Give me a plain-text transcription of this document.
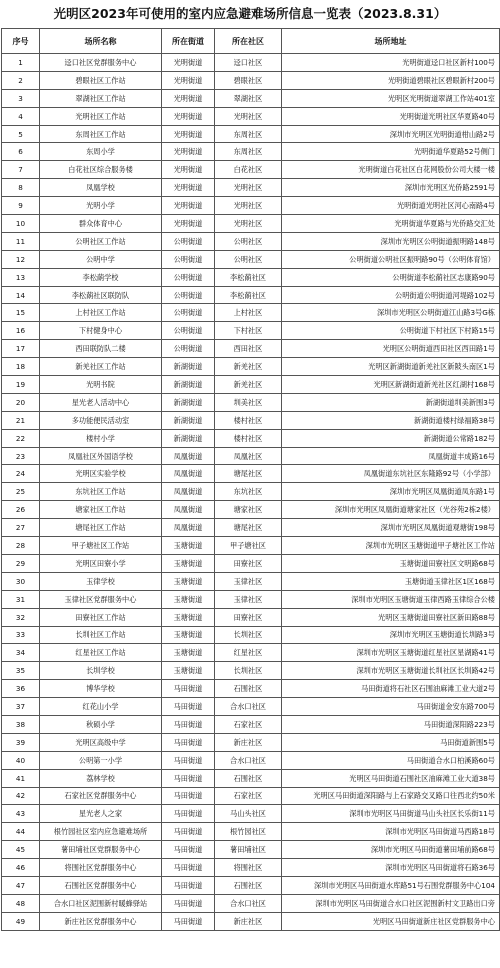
光明区2023年可使用的室内应急避难场所信息一览表（2023.8.31）
序号	场所名称	所在街道	所在社区	场所地址
1	迳口社区党群服务中心	光明街道	迳口社区	光明街道迳口社区新村100号
2	碧眼社区工作站	光明街道	碧眼社区	光明街道碧眼社区碧眼新村200号
3	翠湖社区工作站	光明街道	翠湖社区	光明区光明街道翠湖工作站401室
4	光明社区工作站	光明街道	光明社区	光明街道光明社区华夏路40号
5	东周社区工作站	光明街道	东周社区	深圳市光明区光明街道柑山路2号
6	东周小学	光明街道	东周社区	光明街道华夏路52号侧门
7	白花社区综合服务楼	光明街道	白花社区	光明街道白花社区白花网股份公司大楼一楼
8	凤凰学校	光明街道	光明社区	深圳市光明区光侨路2591号
9	光明小学	光明街道	光明社区	光明街道光明社区河心南路4号
10	群众体育中心	光明街道	光明社区	光明街道华夏路与光侨路交汇处
11	公明社区工作站	公明街道	公明社区	深圳市光明区公明街道振明路148号
12	公明中学	公明街道	公明社区	公明街道公明社区振明路90号（公明体育馆）
13	李松蓢学校	公明街道	李松蓢社区	公明街道李松蓢社区志康路90号
14	李松蓢社区联防队	公明街道	李松蓢社区	公明街道公明街道河堤路102号
15	上村社区工作站	公明街道	上村社区	深圳市光明区公明街道江山路3号G栋
16	下村健身中心	公明街道	下村社区	公明街道下村社区下村路15号
17	西田联防队二楼	公明街道	西田社区	光明区公明街道西田社区西田路1号
18	新羌社区工作站	新湖街道	新羌社区	光明区新湖街道新羌社区新陂头南区1号
19	光明书院	新湖街道	新羌社区	光明区新湖街道新羌社区红湖村168号
20	星光老人活动中心	新湖街道	圳美社区	新湖街道圳美新围3号
21	多功能便民活动室	新湖街道	楼村社区	新湖街道楼村绿福路38号
22	楼村小学	新湖街道	楼村社区	新湖街道公常路182号
23	凤凰社区外国语学校	凤凰街道	凤凰社区	凤凰街道丰成路16号
24	光明区实验学校	凤凰街道	塘尾社区	凤凰街道东坑社区东隆路92号（小学部）
25	东坑社区工作站	凤凰街道	东坑社区	深圳市光明区凤凰街道凤东路1号
26	塘家社区工作站	凤凰街道	塘家社区	深圳市光明区凤凰街道塘家社区（光谷苑2栋2楼）
27	塘尾社区工作站	凤凰街道	塘尾社区	深圳市光明区凤凰街道观塘街198号
28	甲子塘社区工作站	玉塘街道	甲子塘社区	深圳市光明区玉塘街道甲子塘社区工作站
29	光明区田寮小学	玉塘街道	田寮社区	玉塘街道田寮社区文明路68号
30	玉律学校	玉塘街道	玉律社区	玉塘街道玉律社区1区168号
31	玉律社区党群服务中心	玉塘街道	玉律社区	深圳市光明区玉塘街道玉律西路玉律综合公楼
32	田寮社区工作站	玉塘街道	田寮社区	光明区玉塘街道田寮社区新田路88号
33	长圳社区工作站	玉塘街道	长圳社区	深圳市光明区玉塘街道长圳路3号
34	红星社区工作站	玉塘街道	红星社区	深圳市光明区玉塘街道红星社区星湖路41号
35	长圳学校	玉塘街道	长圳社区	深圳市光明区玉塘街道长圳社区长圳路42号
36	博华学校	马田街道	石围社区	马田街道将石社区石围油麻滩工业大道2号
37	红花山小学	马田街道	合水口社区	马田街道金安东路700号
38	秋硕小学	马田街道	石家社区	马田街道深阳路223号
39	光明区高级中学	马田街道	新庄社区	马田街道新围5号
40	公明第一小学	马田街道	合水口社区	马田街道合水口柏溪路60号
41	荔林学校	马田街道	石围社区	光明区马田街道石围社区油麻滩工业大道38号
42	石家社区党群服务中心	马田街道	石家社区	光明区马田街道深阳路与上石家路交叉路口往西北约50米
43	星光老人之家	马田街道	马山头社区	深圳市光明区马田街道马山头社区长乐街11号
44	根竹园社区室内应急避难场所	马田街道	根竹园社区	深圳市光明区马田街道马西路18号
45	薯田埔社区党群服务中心	马田街道	薯田埔社区	深圳市光明区马田街道薯田埔前路68号
46	将围社区党群服务中心	马田街道	将围社区	深圳市光明区马田街道将石路36号
47	石围社区党群服务中心	马田街道	石围社区	深圳市光明区马田街道水库路51号石围党群服务中心104
48	合水口社区泥围新村暖蜂驿站	马田街道	合水口社区	深圳市光明区马田街道合水口社区泥围新村文卫路出口旁
49	新庄社区党群服务中心	马田街道	新庄社区	光明区马田街道新庄社区党群服务中心
